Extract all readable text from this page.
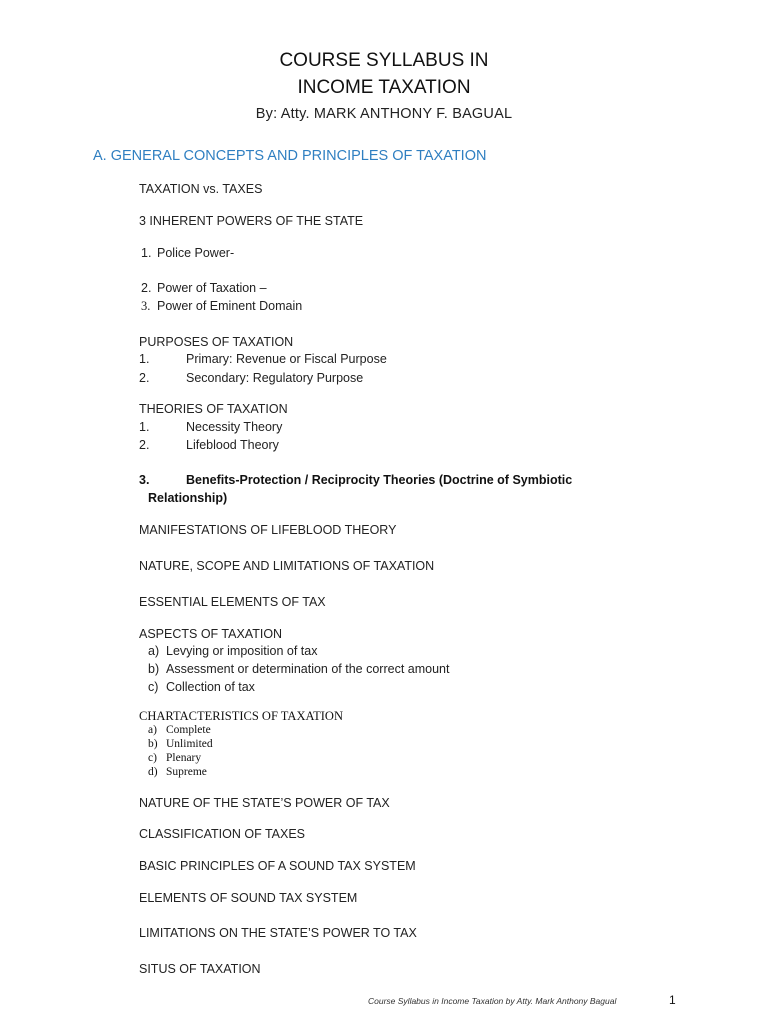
COURSE SYLLABUS IN
INCOME TAXATION
By: Atty. MARK ANTHONY F. BAGUAL
A. GENERAL CONCEPTS AND PRINCIPLES OF TAXATION
TAXATION vs. TAXES
3 INHERENT POWERS OF THE STATE
1. Police Power-
2. Power of Taxation –
3. Power of Eminent Domain
PURPOSES OF TAXATION
1.	Primary: Revenue or Fiscal Purpose
2.	Secondary: Regulatory Purpose
THEORIES OF TAXATION
1.	Necessity Theory
2.	Lifeblood Theory
3.	Benefits-Protection / Reciprocity Theories (Doctrine of Symbiotic
Relationship)
MANIFESTATIONS OF LIFEBLOOD THEORY
NATURE, SCOPE AND LIMITATIONS OF TAXATION
ESSENTIAL ELEMENTS OF TAX
ASPECTS OF TAXATION
a) Levying or imposition of tax
b) Assessment or determination of the correct amount
c) Collection of tax
CHARTACTERISTICS OF TAXATION
a) Complete
b) Unlimited
c) Plenary
d) Supreme
NATURE OF THE STATE’S POWER OF TAX
CLASSIFICATION OF TAXES
BASIC PRINCIPLES OF A SOUND TAX SYSTEM
ELEMENTS OF SOUND TAX SYSTEM
LIMITATIONS ON THE STATE’S POWER TO TAX
SITUS OF TAXATION
Course Syllabus in Income Taxation by Atty. Mark Anthony Bagual	1
